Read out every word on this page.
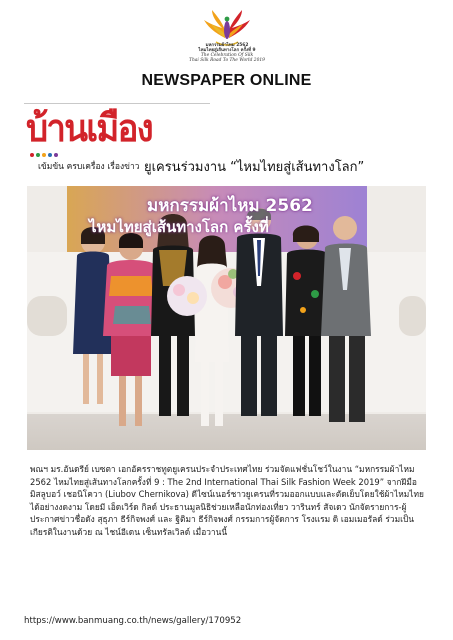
มหกรรมผ้าไหม 2562
ไหมไทยสู่เส้นทางโลก ครั้งที่ 9
The Celebration Of Silk
Thai Silk Road To The World 2019
NEWSPAPER ONLINE
บ้านเมือง
เข้มข้น ครบเครื่อง เรื่องข่าว ยูเครนร่วมงาน “ไหมไทยสู่เส้นทางโลก”
มหกรรมผ้าไหม 2562
ไหมไทยสู่เส้นทางโลก ครั้งที่
พณฯ มร.อันดรีย์ เบซตา เอกอัครราชทูตยูเครนประจำประเทศไทย ร่วมจัดแฟชั่นโชว์ในงาน “มหกรรมผ้าไหม 2562 ไหมไทยสู่เส้นทางโลกครั้งที่ 9 : The 2nd International Thai Silk Fashion Week 2019” จากฝีมือ มิสลูบอว์ เชอนิโควา (Liubov Chernikova) ดีไซน์เนอร์ชาวยูเครนที่รวมออกแบบและตัดเย็บโดยใช้ผ้าไหมไทยได้อย่างงดงาม โดยมี เอ็ดเวิร์ด กิลด์ ประธานมูลนิธิช่วยเหลือนักท่องเที่ยว วารินทร์ สัจเดว นักจัดรายการ-ผู้ประกาศข่าวชื่อดัง สุธุภา ธีร์กิจพงศ์ และ ฐิติมา ธีร์กิจพงศ์ กรรมการผู้จัดการ โรงแรม ดิ เอมเมอรัลด์ ร่วมเป็นเกียรติในงานด้วย ณ ไชน์อีเดน เซ็นทรัลเวิลด์ เมื่อวานนี้
https://www.banmuang.co.th/news/gallery/170952
